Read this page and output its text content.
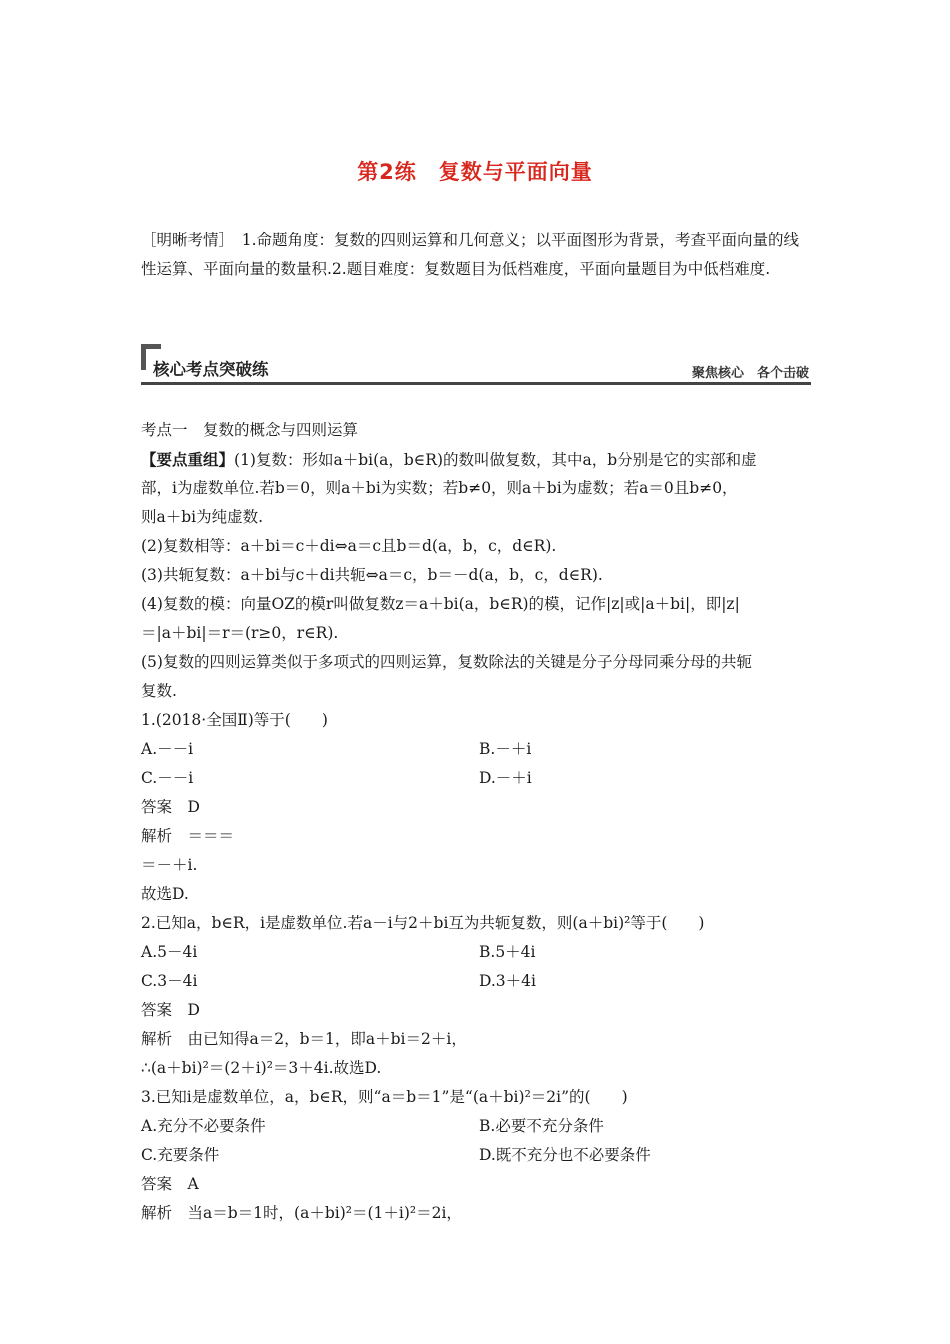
第2练　复数与平面向量

［明晰考情］　1.命题角度：复数的四则运算和几何意义；以平面图形为背景，考查平面向量的线性运算、平面向量的数量积.2.题目难度：复数题目为低档难度，平面向量题目为中低档难度.

核心考点突破练	聚焦核心　各个击破
考点一　复数的概念与四则运算
【要点重组】(1)复数：形如a＋bi(a，b∈R)的数叫做复数，其中a，b分别是它的实部和虚
部，i为虚数单位.若b＝0，则a＋bi为实数；若b≠0，则a＋bi为虚数；若a＝0且b≠0，
则a＋bi为纯虚数.
(2)复数相等：a＋bi＝c＋di⇔a＝c且b＝d(a，b，c，d∈R).
(3)共轭复数：a＋bi与c＋di共轭⇔a＝c，b＝－d(a，b，c，d∈R).
(4)复数的模：向量OZ的模r叫做复数z＝a＋bi(a，b∈R)的模，记作|z|或|a＋bi|，即|z|
＝|a＋bi|＝r＝(r≥0，r∈R).
(5)复数的四则运算类似于多项式的四则运算，复数除法的关键是分子分母同乘分母的共轭
复数.
1.(2018·全国Ⅱ)等于(　　)
A.－－i	B.－＋i
C.－－i	D.－＋i
答案　D
解析　＝＝＝
＝－＋i.
故选D.
2.已知a，b∈R，i是虚数单位.若a－i与2＋bi互为共轭复数，则(a＋bi)²等于(　　)
A.5－4i	B.5＋4i
C.3－4i	D.3＋4i
答案　D
解析　由已知得a＝2，b＝1，即a＋bi＝2＋i，
∴(a＋bi)²＝(2＋i)²＝3＋4i.故选D.
3.已知i是虚数单位，a，b∈R，则“a＝b＝1”是“(a＋bi)²＝2i”的(　　)
A.充分不必要条件	B.必要不充分条件
C.充要条件	D.既不充分也不必要条件
答案　A
解析　当a＝b＝1时，(a＋bi)²＝(1＋i)²＝2i，
